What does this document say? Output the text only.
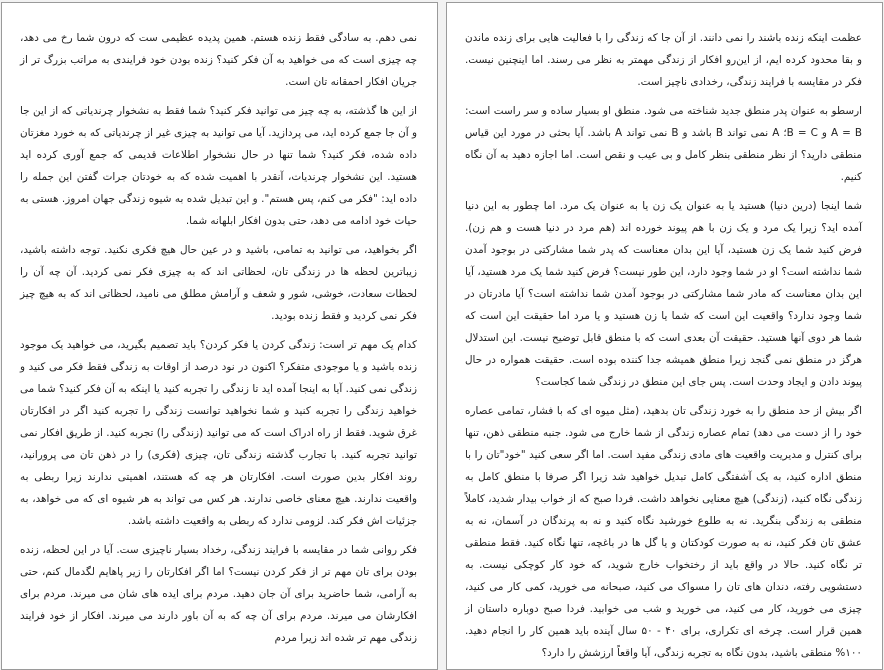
عظمت اینکه زنده باشند را نمی دانند. از آن جا که زندگی را با فعالیت هایی برای زنده ماندن و بقا محدود کرده ایم، از این‌رو افکار از زندگی مهمتر به نظر می رسند. اما اینچنین نیست. فکر در مقایسه با فرایند زندگی، رخدادی ناچیز است.

ارسطو به عنوان پدر منطق جدید شناخته می شود. منطق او بسیار ساده و سر راست است: A = B و B = C؛ A نمی تواند B باشد و B نمی تواند A باشد. آیا بحثی در مورد این قیاس منطقی دارید؟ از نظر منطقی بنظر کامل و بی عیب و نقص است. اما اجازه دهید به آن نگاه کنیم.

شما اینجا (درین دنیا) هستید یا به عنوان یک زن یا به عنوان یک مرد. اما چطور به این دنیا آمده اید؟ زیرا یک مرد و یک زن با هم پیوند خورده اند (هم مرد در دنیا هست و هم زن). فرض کنید شما یک زن هستید، آیا این بدان معناست که پدر شما مشارکتی در بوجود آمدن شما نداشته است؟ او در شما وجود دارد، این طور نیست؟ فرض کنید شما یک مرد هستید، آیا این بدان معناست که مادر شما مشارکتی در بوجود آمدن شما نداشته است؟ آیا مادرتان در شما وجود ندارد؟ واقعیت این است که شما یا زن هستید و یا مرد اما حقیقت این است که شما هر دوی آنها هستید. حقیقت آن بعدی است که با منطق قابل توضیح نیست. این استدلال هرگز در منطق نمی گنجد زیرا منطق همیشه جدا کننده بوده است. حقیقت همواره در حال پیوند دادن و ایجاد وحدت است. پس جای این منطق در زندگی شما کجاست؟

اگر بیش از حد منطق را به خورد زندگی تان بدهید، (مثل میوه ای که با فشار، تمامی عصاره خود را از دست می دهد) تمام عصاره زندگی از شما خارج می شود. جنبه منطقی ذهن، تنها برای کنترل و مدیریت واقعیت های مادی زندگی مفید است. اما اگر سعی کنید "خود"تان را با منطق اداره کنید، به یک آشفتگی کامل تبدیل خواهید شد زیرا اگر صرفا با منطق کامل به زندگی نگاه کنید، (زندگی) هیچ معنایی نخواهد داشت. فردا صبح که از خواب بیدار شدید، کاملاً منطقی به زندگی بنگرید. نه به طلوع خورشید نگاه کنید و نه به پرندگان در آسمان، نه به عشق تان فکر کنید، نه به صورت کودکتان و یا گل ها در باغچه، تنها نگاه کنید. فقط منطقی تر نگاه کنید. حالا در واقع باید از رختخواب خارج شوید، که خود کار کوچکی نیست. به دستشویی رفته، دندان های تان را مسواک می کنید، صبحانه می خورید، کمی کار می کنید، چیزی می خورید، کار می کنید، می خورید و شب می خوابید. فردا صبح دوباره داستان از همین قرار است. چرخه ای تکراری، برای ۴۰ - ۵۰ سال آینده باید همین کار را انجام دهید. ۱۰۰% منطقی باشید، بدون نگاه به تجربه زندگی، آیا واقعاً ارزشش را دارد؟

نمی دهم. به سادگی فقط زنده هستم. همین پدیده عظیمی ست که درون شما رخ می دهد، چه چیزی است که می خواهید به آن فکر کنید؟ زنده بودن خود فرایندی به مراتب بزرگ تر از جریان افکار احمقانه تان است.

از این ها گذشته، به چه چیز می توانید فکر کنید؟ شما فقط به نشخوار چرندیاتی که از این جا و آن جا جمع کرده اید، می پردازید. آیا می توانید به چیزی غیر از چرندیاتی که به خورد مغزتان داده شده، فکر کنید؟ شما تنها در حال نشخوار اطلاعات قدیمی که جمع آوری کرده اید هستید. این نشخوار چرندیات، آنقدر با اهمیت شده که به خودتان جرات گفتن این جمله را داده اید: "فکر می کنم، پس هستم". و این تبدیل شده به شیوه زندگی جهان امروز. هستی به حیات خود ادامه می دهد، حتی بدون افکار ابلهانه شما.

اگر بخواهید، می توانید به تمامی، باشید و در عین حال هیچ فکری نکنید. توجه داشته باشید، زیباترین لحظه ها در زندگی تان، لحظاتی اند که به چیزی فکر نمی کردید. آن چه آن را لحظات سعادت، خوشی، شور و شعف و آرامش مطلق می نامید، لحظاتی اند که به هیچ چیز فکر نمی کردید و فقط زنده بودید.

کدام یک مهم تر است: زندگی کردن یا فکر کردن؟ باید تصمیم بگیرید، می خواهید یک موجود زنده باشید و یا موجودی متفکر؟ اکنون در نود درصد از اوقات به زندگی فقط فکر می کنید و زندگی نمی کنید. آیا به اینجا آمده اید تا زندگی را تجربه کنید یا اینکه به آن فکر کنید؟ شما می خواهید زندگی را تجربه کنید و شما نخواهید توانست زندگی را تجربه کنید اگر در افکارتان غرق شوید. فقط از راه ادراک است که می توانید (زندگی را) تجربه کنید. از طریق افکار نمی توانید تجربه کنید. با تجارب گذشته زندگی تان، چیزی (فکری) را در ذهن تان می پرورانید، روند افکار بدین صورت است. افکارتان هر چه که هستند، اهمیتی ندارند زیرا ربطی به واقعیت ندارند. هیچ معنای خاصی ندارند. هر کس می تواند به هر شیوه ای که می خواهد، به جزئیات اش فکر کند. لزومی ندارد که ربطی به واقعیت داشته باشد.

فکر روانی شما در مقایسه با فرایند زندگی، رخداد بسیار ناچیزی ست. آیا در این لحظه، زنده بودن برای تان مهم تر از فکر کردن نیست؟ اما اگر افکارتان را زیر پاهایم لگدمال کنم، حتی به آرامی، شما حاضرید برای آن جان دهید. مردم برای ایده های شان می میرند. مردم برای افکارشان می میرند. مردم برای آن چه که به آن باور دارند می میرند. افکار از خود فرایند زندگی مهم تر شده اند زیرا مردم
